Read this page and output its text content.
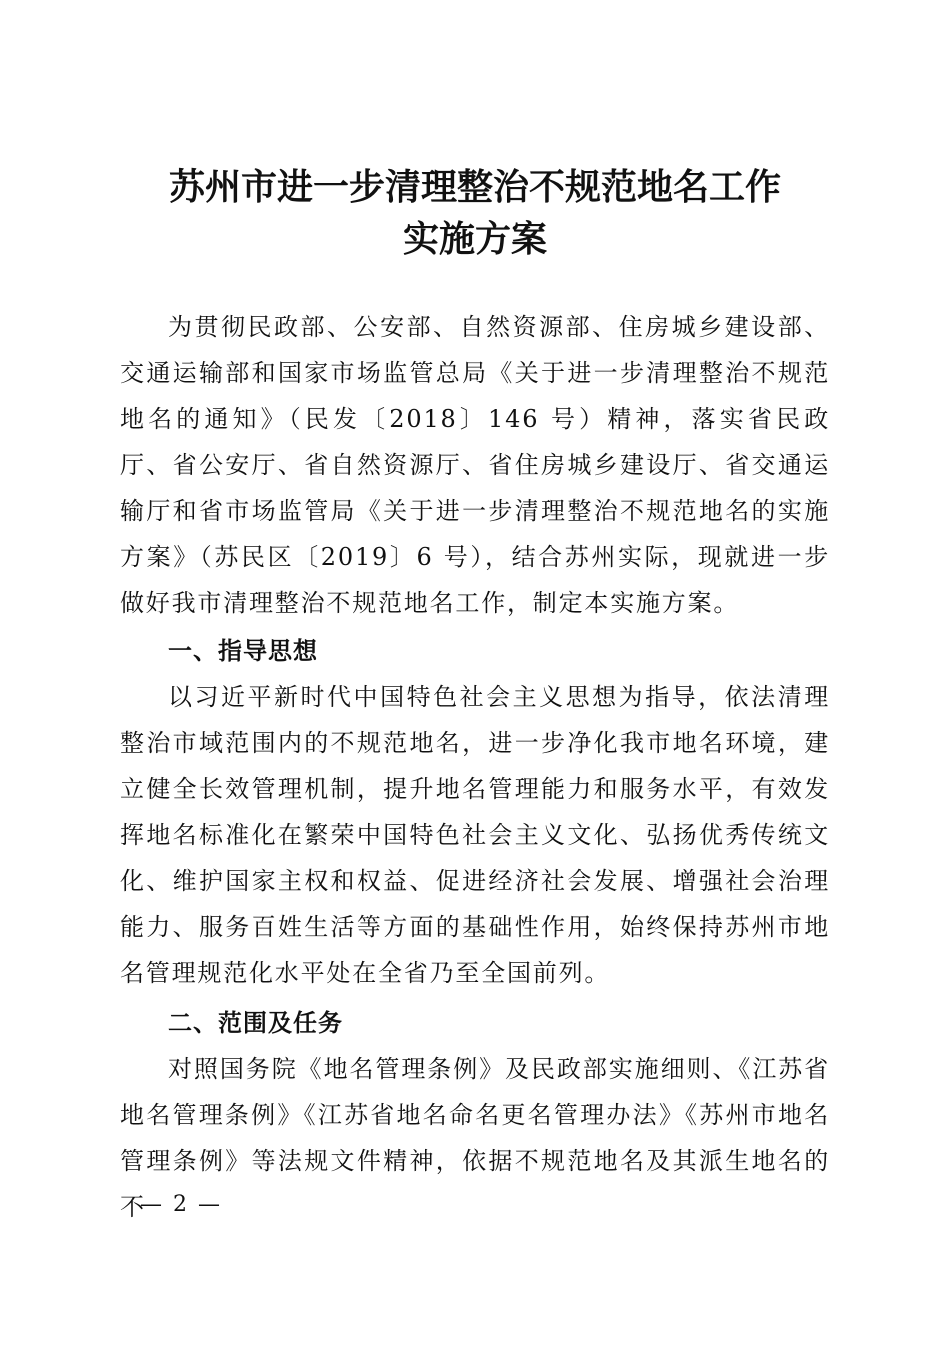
苏州市进一步清理整治不规范地名工作
实施方案
为贯彻民政部、公安部、自然资源部、住房城乡建设部、交通运输部和国家市场监管总局《关于进一步清理整治不规范地名的通知》（民发〔2018〕146 号）精神，落实省民政厅、省公安厅、省自然资源厅、省住房城乡建设厅、省交通运输厅和省市场监管局《关于进一步清理整治不规范地名的实施方案》（苏民区〔2019〕6 号），结合苏州实际，现就进一步做好我市清理整治不规范地名工作，制定本实施方案。
一、指导思想
以习近平新时代中国特色社会主义思想为指导，依法清理整治市域范围内的不规范地名，进一步净化我市地名环境，建立健全长效管理机制，提升地名管理能力和服务水平，有效发挥地名标准化在繁荣中国特色社会主义文化、弘扬优秀传统文化、维护国家主权和权益、促进经济社会发展、增强社会治理能力、服务百姓生活等方面的基础性作用，始终保持苏州市地名管理规范化水平处在全省乃至全国前列。
二、范围及任务
对照国务院《地名管理条例》及民政部实施细则、《江苏省地名管理条例》《江苏省地名命名更名管理办法》《苏州市地名管理条例》等法规文件精神，依据不规范地名及其派生地名的不
— 2 —
